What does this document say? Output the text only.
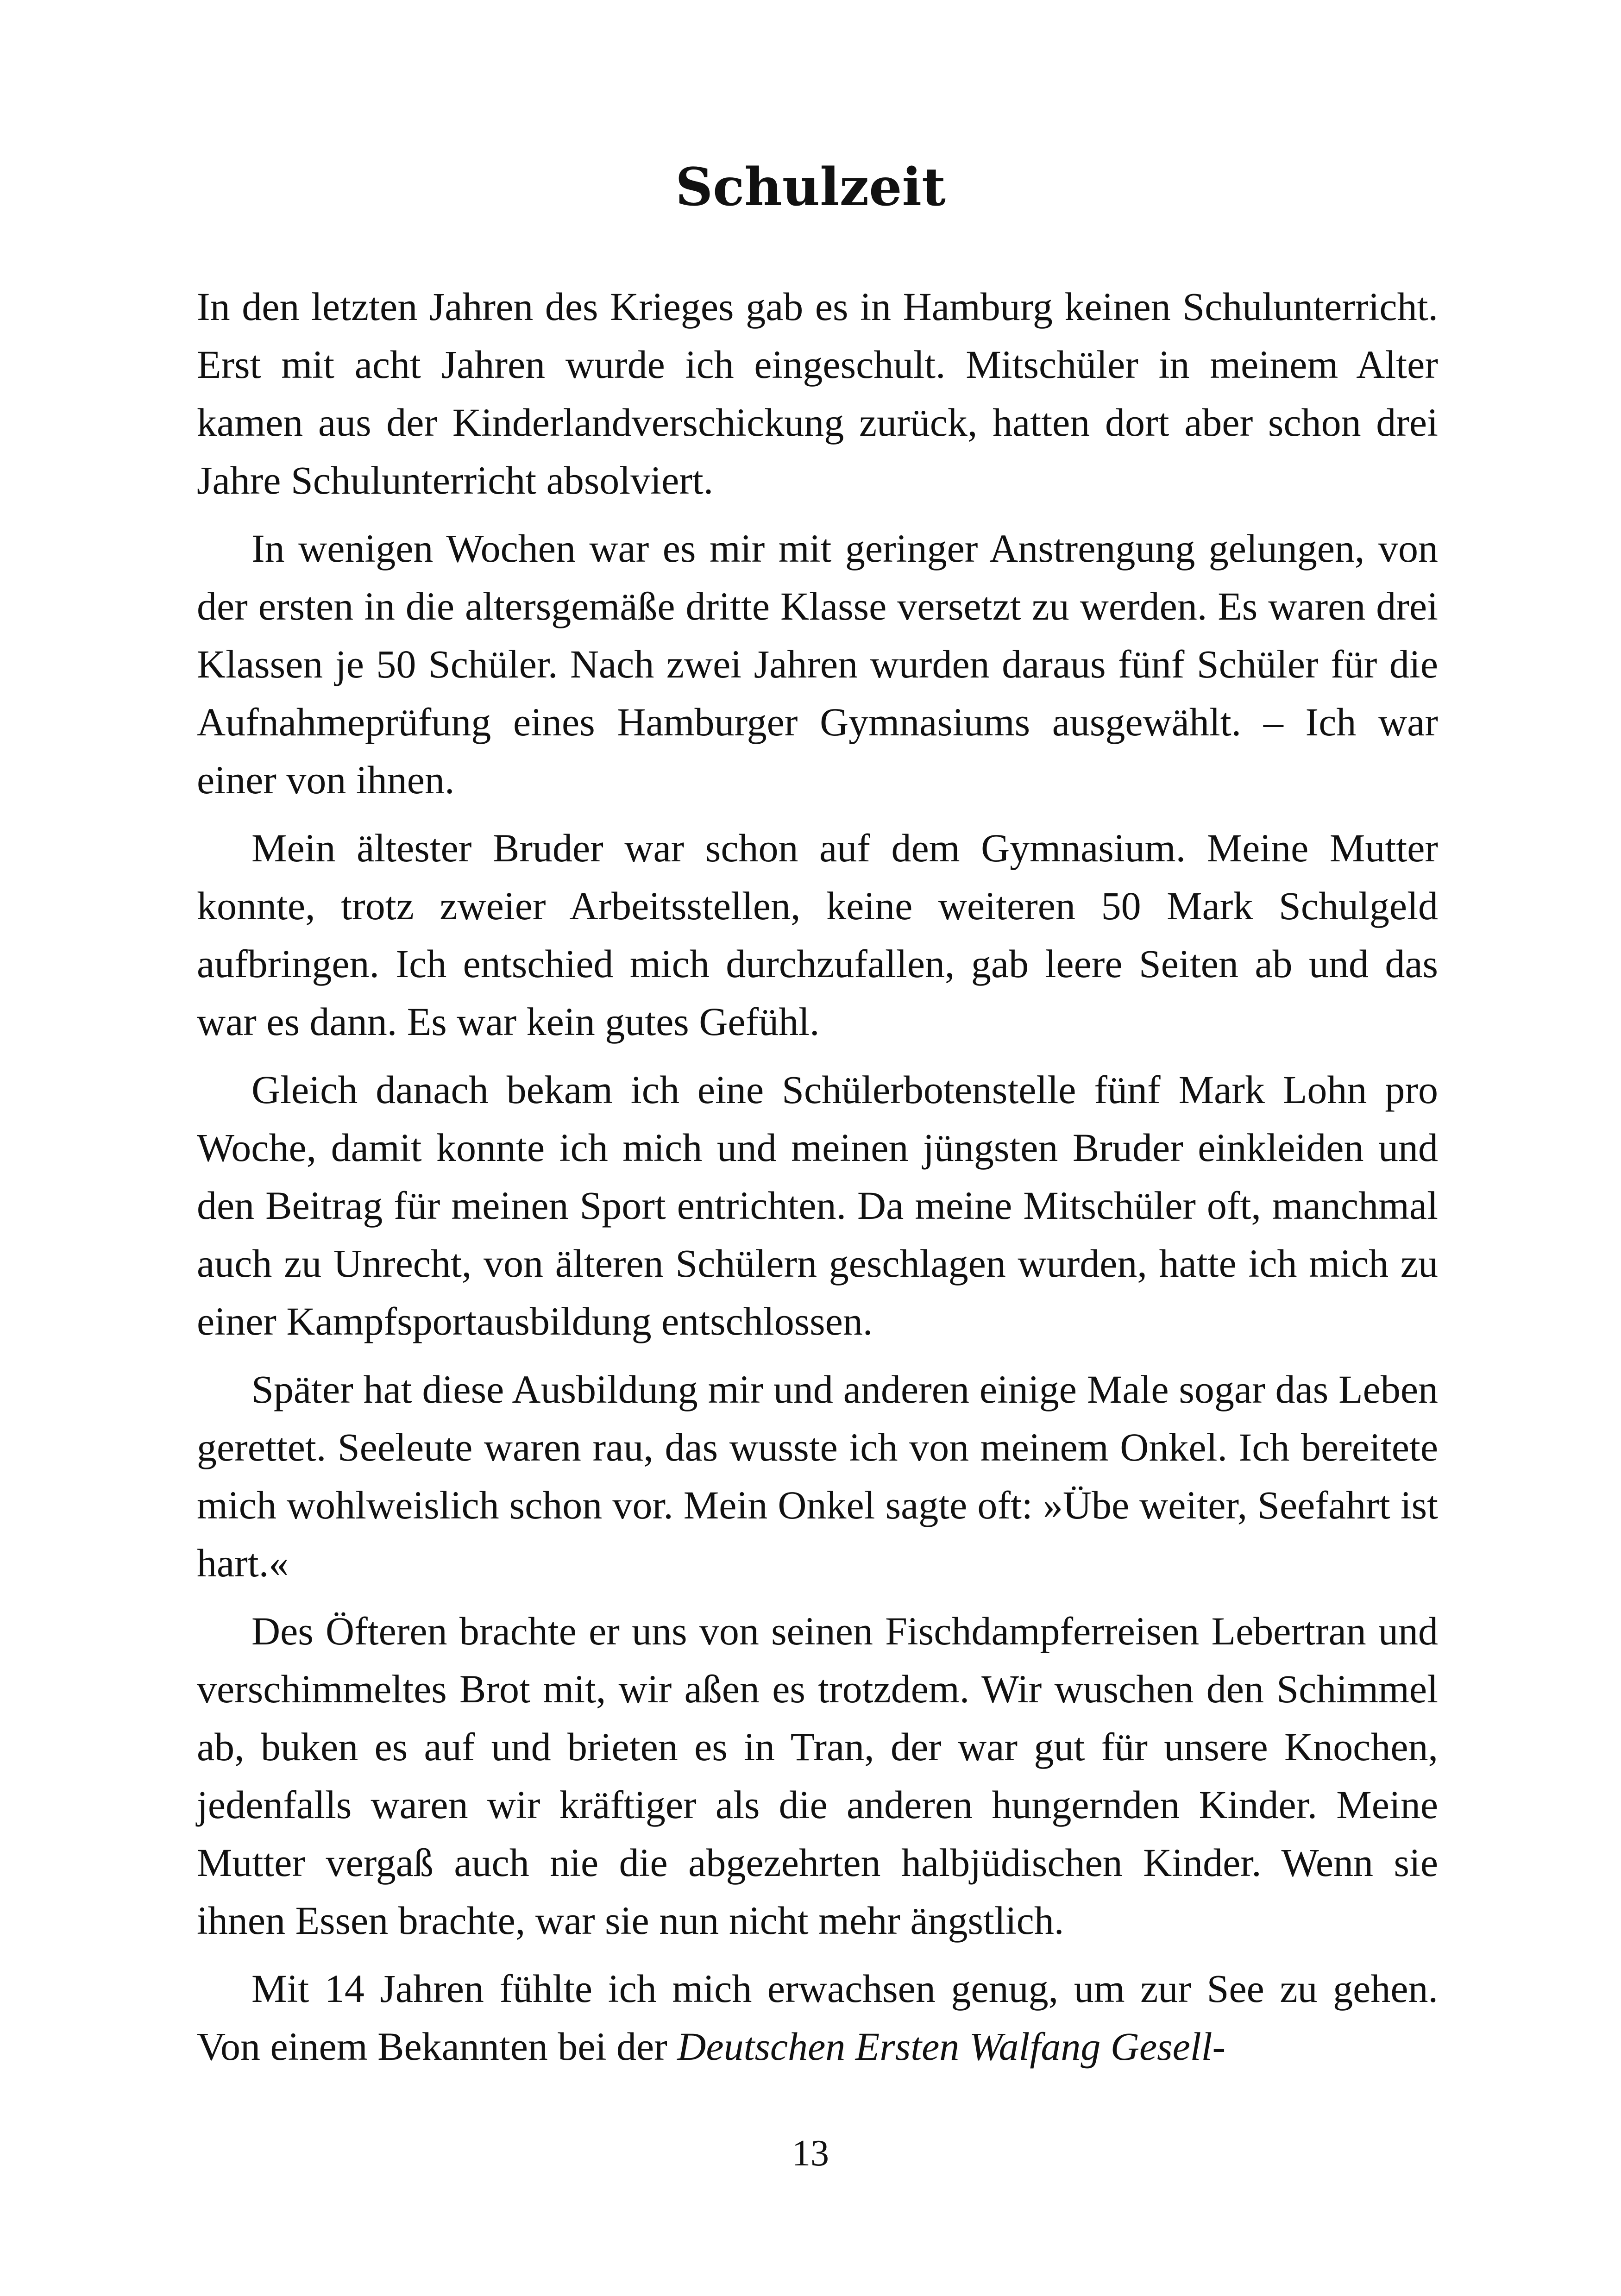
Schulzeit

In den letzten Jahren des Krieges gab es in Hamburg keinen Schulunterricht. Erst mit acht Jahren wurde ich eingeschult. Mitschüler in meinem Alter kamen aus der Kinderlandverschickung zurück, hatten dort aber schon drei Jahre Schulunterricht absolviert.

In wenigen Wochen war es mir mit geringer Anstrengung gelungen, von der ersten in die altersgemäße dritte Klasse versetzt zu werden. Es waren drei Klassen je 50 Schüler. Nach zwei Jahren wurden daraus fünf Schüler für die Aufnahmeprüfung eines Hamburger Gymnasiums ausgewählt. – Ich war einer von ihnen.

Mein ältester Bruder war schon auf dem Gymnasium. Meine Mutter konnte, trotz zweier Arbeitsstellen, keine weiteren 50 Mark Schulgeld aufbringen. Ich entschied mich durchzufallen, gab leere Seiten ab und das war es dann. Es war kein gutes Gefühl.

Gleich danach bekam ich eine Schülerbotenstelle fünf Mark Lohn pro Woche, damit konnte ich mich und meinen jüngsten Bruder einkleiden und den Beitrag für meinen Sport entrichten. Da meine Mitschüler oft, manchmal auch zu Unrecht, von älteren Schülern geschlagen wurden, hatte ich mich zu einer Kampfsportausbildung entschlossen.

Später hat diese Ausbildung mir und anderen einige Male sogar das Leben gerettet. Seeleute waren rau, das wusste ich von meinem Onkel. Ich bereitete mich wohlweislich schon vor. Mein Onkel sagte oft: »Übe weiter, Seefahrt ist hart.«

Des Öfteren brachte er uns von seinen Fischdampferreisen Lebertran und verschimmeltes Brot mit, wir aßen es trotzdem. Wir wuschen den Schimmel ab, buken es auf und brieten es in Tran, der war gut für unsere Knochen, jedenfalls waren wir kräftiger als die anderen hungernden Kinder. Meine Mutter vergaß auch nie die abgezehrten halbjüdischen Kinder. Wenn sie ihnen Essen brachte, war sie nun nicht mehr ängstlich.

Mit 14 Jahren fühlte ich mich erwachsen genug, um zur See zu gehen. Von einem Bekannten bei der Deutschen Ersten Walfang Gesell-

13
